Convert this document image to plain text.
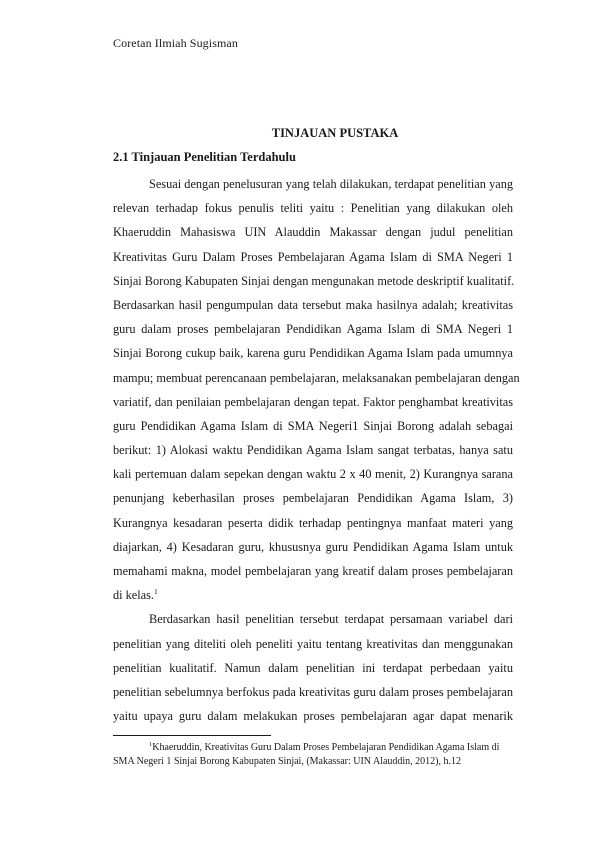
Coretan Ilmiah Sugisman
TINJAUAN PUSTAKA
2.1 Tinjauan Penelitian Terdahulu
Sesuai dengan penelusuran yang telah dilakukan, terdapat penelitian yang
relevan terhadap fokus penulis teliti yaitu : Penelitian yang dilakukan oleh
Khaeruddin Mahasiswa UIN Alauddin Makassar dengan judul penelitian
Kreativitas Guru Dalam Proses Pembelajaran Agama Islam di SMA Negeri 1
Sinjai Borong Kabupaten Sinjai dengan mengunakan metode deskriptif kualitatif.
Berdasarkan hasil pengumpulan data tersebut maka hasilnya adalah; kreativitas
guru dalam proses pembelajaran Pendidikan Agama Islam di SMA Negeri 1
Sinjai Borong cukup baik, karena guru Pendidikan Agama Islam pada umumnya
mampu; membuat perencanaan pembelajaran, melaksanakan pembelajaran dengan
variatif, dan penilaian pembelajaran dengan tepat. Faktor penghambat kreativitas
guru Pendidikan Agama Islam di SMA Negeri1 Sinjai Borong adalah sebagai
berikut: 1) Alokasi waktu Pendidikan Agama Islam sangat terbatas, hanya satu
kali pertemuan dalam sepekan dengan waktu 2 x 40 menit, 2) Kurangnya sarana
penunjang keberhasilan proses pembelajaran Pendidikan Agama Islam, 3)
Kurangnya kesadaran peserta didik terhadap pentingnya manfaat materi yang
diajarkan, 4) Kesadaran guru, khususnya guru Pendidikan Agama Islam untuk
memahami makna, model pembelajaran yang kreatif dalam proses pembelajaran
di kelas.$^1$
Berdasarkan hasil penelitian tersebut terdapat persamaan variabel dari
penelitian yang diteliti oleh peneliti yaitu tentang kreativitas dan menggunakan
penelitian kualitatif. Namun dalam penelitian ini terdapat perbedaan yaitu
penelitian sebelumnya berfokus pada kreativitas guru dalam proses pembelajaran
yaitu upaya guru dalam melakukan proses pembelajaran agar dapat menarik
$^1$Khaeruddin, Kreativitas Guru Dalam Proses Pembelajaran Pendidikan Agama Islam di
SMA Negeri 1 Sinjai Borong Kabupaten Sinjai, (Makassar: UIN Alauddin, 2012), h.12
